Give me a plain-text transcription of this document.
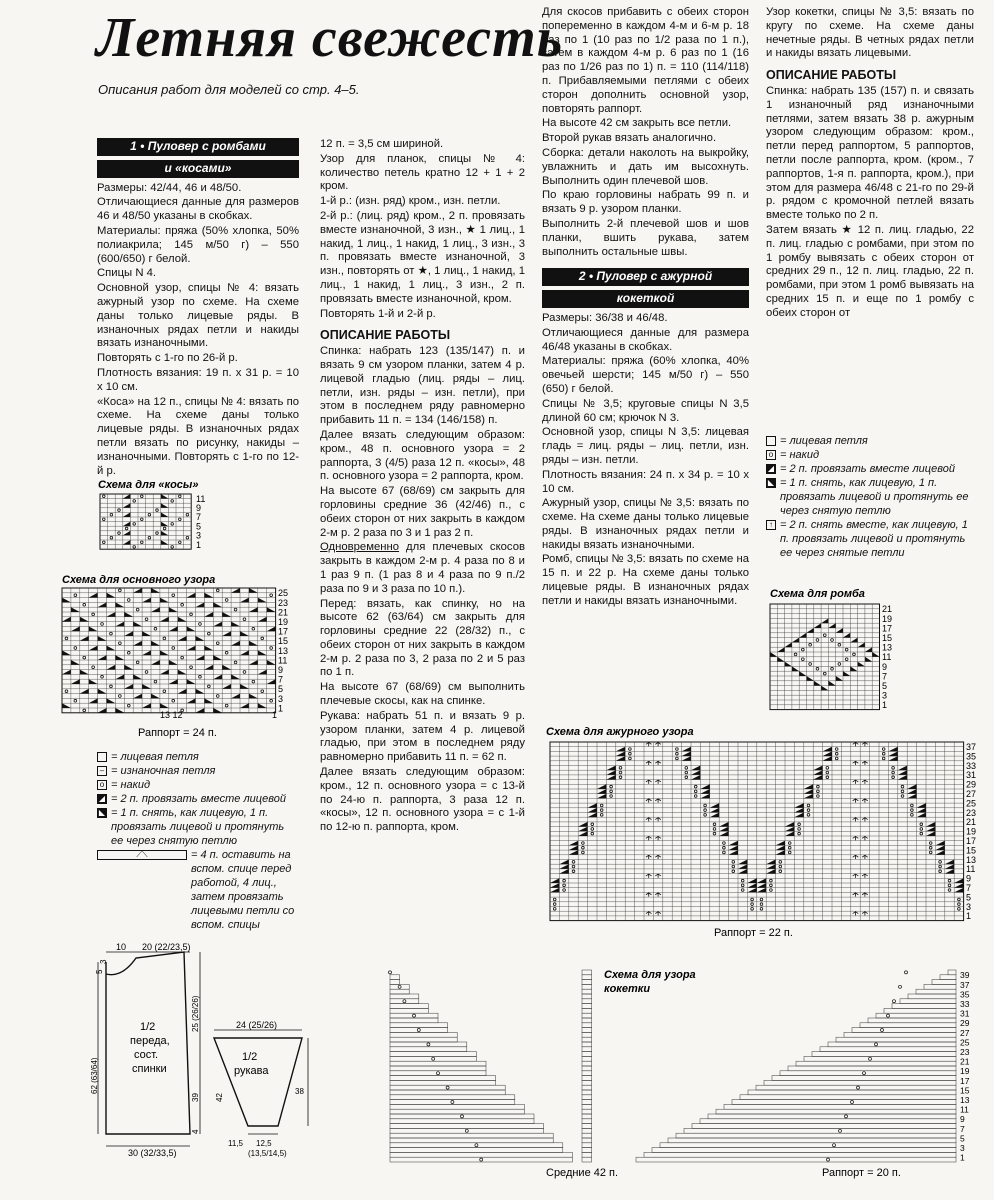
Летняя свежесть
Описания работ для моделей со стр. 4–5.
1 • Пуловер с ромбами
и «косами»

Размеры: 42/44, 46 и 48/50.

Отличающиеся данные для размеров 46 и 48/50 указаны в скобках.

Материалы: пряжа (50% хлопка, 50% полиакрила; 145 м/50 г) – 550 (600/650) г белой.

Спицы N 4.

Основной узор, спицы № 4: вязать ажурный узор по схеме. На схеме даны только лицевые ряды. В изнаночных рядах петли и накиды вязать изнаночными.

Повторять с 1-го по 26-й р.

Плотность вязания: 19 п. х 31 р. = 10 х 10 см.

«Коса» на 12 п., спицы № 4: вязать по схеме. На схеме даны только лицевые ряды. В изнаночных рядах петли вязать по рисунку, накиды – изнаночными. Повторять с 1-го по 12-й р.

12 п. = 3,5 см шириной.

Узор для планок, спицы № 4: количество петель кратно 12 + 1 + 2 кром.

1-й р.: (изн. ряд) кром., изн. петли.

2-й р.: (лиц. ряд) кром., 2 п. провязать вместе изнаночной, 3 изн., ★ 1 лиц., 1 накид, 1 лиц., 1 накид, 1 лиц., 3 изн., 3 п. провязать вместе изнаночной, 3 изн., повторять от ★, 1 лиц., 1 накид, 1 лиц., 1 накид, 1 лиц., 3 изн., 2 п. провязать вместе изнаночной, кром.

Повторять 1-й и 2-й р.

ОПИСАНИЕ РАБОТЫ

Спинка: набрать 123 (135/147) п. и вязать 9 см узором планки, затем 4 р. лицевой гладью (лиц. ряды – лиц. петли, изн. ряды – изн. петли), при этом в последнем ряду равномерно прибавить 11 п. = 134 (146/158) п.

Далее вязать следующим образом: кром., 48 п. основного узора = 2 раппорта, 3 (4/5) раза 12 п. «косы», 48 п. основного узора = 2 раппорта, кром.

На высоте 67 (68/69) см закрыть для горловины средние 36 (42/46) п., с обеих сторон от них закрыть в каждом 2-м р. 2 раза по 3 и 1 раз 2 п.

Одновременно для плечевых скосов закрыть в каждом 2-м р. 4 раза по 8 и 1 раз 9 п. (1 раз 8 и 4 раза по 9 п./2 раза по 9 и 3 раза по 10 п.).

Перед: вязать, как спинку, но на высоте 62 (63/64) см закрыть для горловины средние 22 (28/32) п., с обеих сторон от них закрыть в каждом 2-м р. 2 раза по 3, 2 раза по 2 и 5 раз по 1 п.

На высоте 67 (68/69) см выполнить плечевые скосы, как на спинке.

Рукава: набрать 51 п. и вязать 9 р. узором планки, затем 4 р. лицевой гладью, при этом в последнем ряду равномерно прибавить 11 п. = 62 п.

Далее вязать следующим образом: кром., 12 п. основного узора = с 13-й по 24-ю п. раппорта, 3 раза 12 п. «косы», 12 п. основного узора = с 1-й по 12-ю п. раппорта, кром.

Для скосов прибавить с обеих сторон попеременно в каждом 4-м и 6-м р. 18 раз по 1 (10 раз по 1/2 раза по 1 п.), затем в каждом 4-м р. 6 раз по 1 (16 раз по 1/26 раз по 1) п. = 110 (114/118) п. Прибавляемыми петлями с обеих сторон дополнить основной узор, повторять раппорт.

На высоте 42 см закрыть все петли.

Второй рукав вязать аналогично.

Сборка: детали наколоть на выкройку, увлажнить и дать им высохнуть. Выполнить один плечевой шов.

По краю горловины набрать 99 п. и вязать 9 р. узором планки.

Выполнить 2-й плечевой шов и шов планки, вшить рукава, затем выполнить остальные швы.

2 • Пуловер с ажурной
кокеткой

Размеры: 36/38 и 46/48.

Отличающиеся данные для размера 46/48 указаны в скобках.

Материалы: пряжа (60% хлопка, 40% овечьей шерсти; 145 м/50 г) – 550 (650) г белой.

Спицы № 3,5; круговые спицы N 3,5 длиной 60 см; крючок N 3.

Основной узор, спицы N 3,5: лицевая гладь = лиц. ряды – лиц. петли, изн. ряды – изн. петли.

Плотность вязания: 24 п. х 34 р. = 10 х 10 см.

Ажурный узор, спицы № 3,5: вязать по схеме. На схеме даны только лицевые ряды. В изнаночных рядах петли и накиды вязать изнаночными.

Ромб, спицы № 3,5: вязать по схеме на 15 п. и 22 р. На схеме даны только лицевые ряды. В изнаночных рядах петли и накиды вязать изнаночными.

Узор кокетки, спицы № 3,5: вязать по кругу по схеме. На схеме даны нечетные ряды. В четных рядах петли и накиды вязать лицевыми.

ОПИСАНИЕ РАБОТЫ

Спинка: набрать 135 (157) п. и связать 1 изнаночный ряд изнаночными петлями, затем вязать 38 р. ажурным узором следующим образом: кром., петли перед раппортом, 5 раппортов, петли после раппорта, кром. (кром., 7 раппортов, 1-я п. раппорта, кром.), при этом для размера 46/48 с 21-го по 29-й р. рядом с кромочной петлей вязать вместе только по 2 п.

Затем вязать ★ 12 п. лиц. гладью, 22 п. лиц. гладью с ромбами, при этом по 1 ромбу вывязать с обеих сторон от средних 29 п., 12 п. лиц. гладью, 22 п. ромбами, при этом 1 ромб вывязать на средних 15 п. и еще по 1 ромбу с обеих сторон от

= лицевая петля
– = изнаночная петля
o = накид
◢ = 2 п. провязать вместе лицевой
◣ = 1 п. снять, как лицевую, 1 п. провязать лицевой и протянуть ее через снятую петлю
⟋⟍	= 4 п. оставить на вспом. спице перед работой, 4 лиц., затем провязать лицевыми петли со вспом. спицы
= лицевая петля
o = накид
◢ = 2 п. провязать вместе лицевой
◣ = 1 п. снять, как лицевую, 1 п. провязать лицевой и протянуть ее через снятую петлю
↑ = 2 п. снять вместе, как лицевую, 1 п. провязать лицевой и протянуть ее через снятые петли
Схема для «косы»
11
9
7
5
3
1
Схема для основного узора
25
23
21
19
17
15
13
11
9
7
5
3
1
13 12	1
Раппорт = 24 п.
Схема для ромба
21
19
17
15
13
11
9
7
5
3
1
Схема для ажурного узора
37
35
33
31
29
27
25
23
21
19
17
15
13
11
9
7
5
3
1
Раппорт = 22 п.
Схема для узора
кокетки
39
37
35
33
31
29
27
25
23
21
19
17
15
13
11
9
7
5
3
1
Средние 42 п.	Раппорт = 20 п.
10 20 (22/23,5)
5
3
62 (63/64)
25 (26/26)
39
4
30 (32/33,5)
1/2
переда,
сост.
спинки
24 (25/26)
1/2
рукава
42
38
11,5 12,5
(13,5/14,5)
